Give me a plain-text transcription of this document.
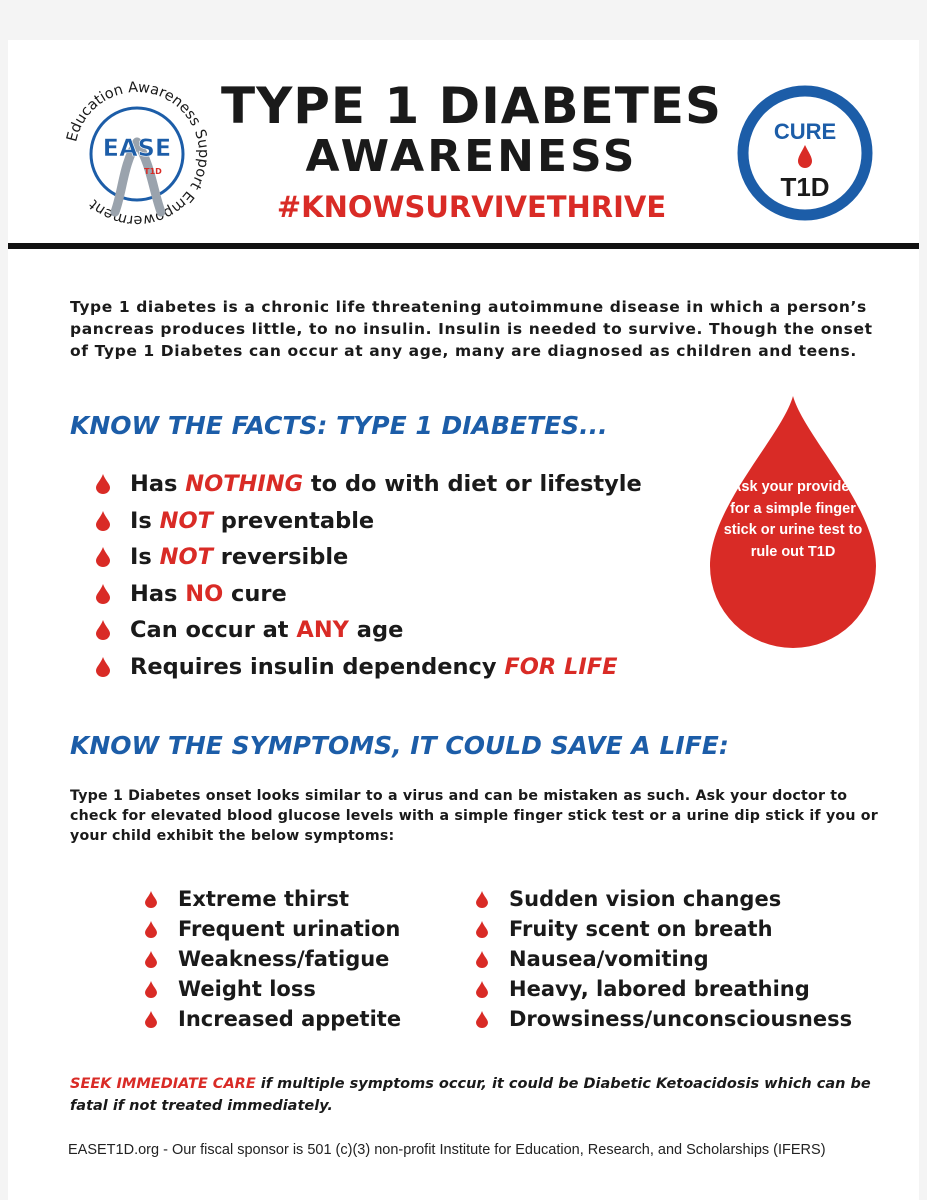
Education Awareness Support Empowerment
EASE
T1D
TYPE 1 DIABETES
AWARENESS
#KNOWSURVIVETHRIVE
CURE
T1D
Type 1 diabetes is a chronic life threatening autoimmune disease in which a person’s pancreas produces little, to no insulin. Insulin is needed to survive. Though the onset of Type 1 Diabetes can occur at any age, many are diagnosed as children and teens.
KNOW THE FACTS: TYPE 1 DIABETES...
Has NOTHING to do with diet or lifestyle
Is NOT preventable
Is NOT reversible
Has NO cure
Can occur at ANY age
Requires insulin dependency FOR LIFE
Ask your provider for a simple finger stick or urine test to rule out T1D
KNOW THE SYMPTOMS, IT COULD SAVE A LIFE:
Type 1 Diabetes onset looks similar to a virus and can be mistaken as such. Ask your doctor to check for elevated blood glucose levels with a simple finger stick test or a urine dip stick if you or your child exhibit the below symptoms:
Extreme thirst
Frequent urination
Weakness/fatigue
Weight loss
Increased appetite
Sudden vision changes
Fruity scent on breath
Nausea/vomiting
Heavy, labored breathing
Drowsiness/unconsciousness
SEEK IMMEDIATE CARE if multiple symptoms occur, it could be Diabetic Ketoacidosis which can be fatal if not treated immediately.
EASET1D.org - Our fiscal sponsor is 501 (c)(3) non-profit Institute for Education, Research, and Scholarships (IFERS)
